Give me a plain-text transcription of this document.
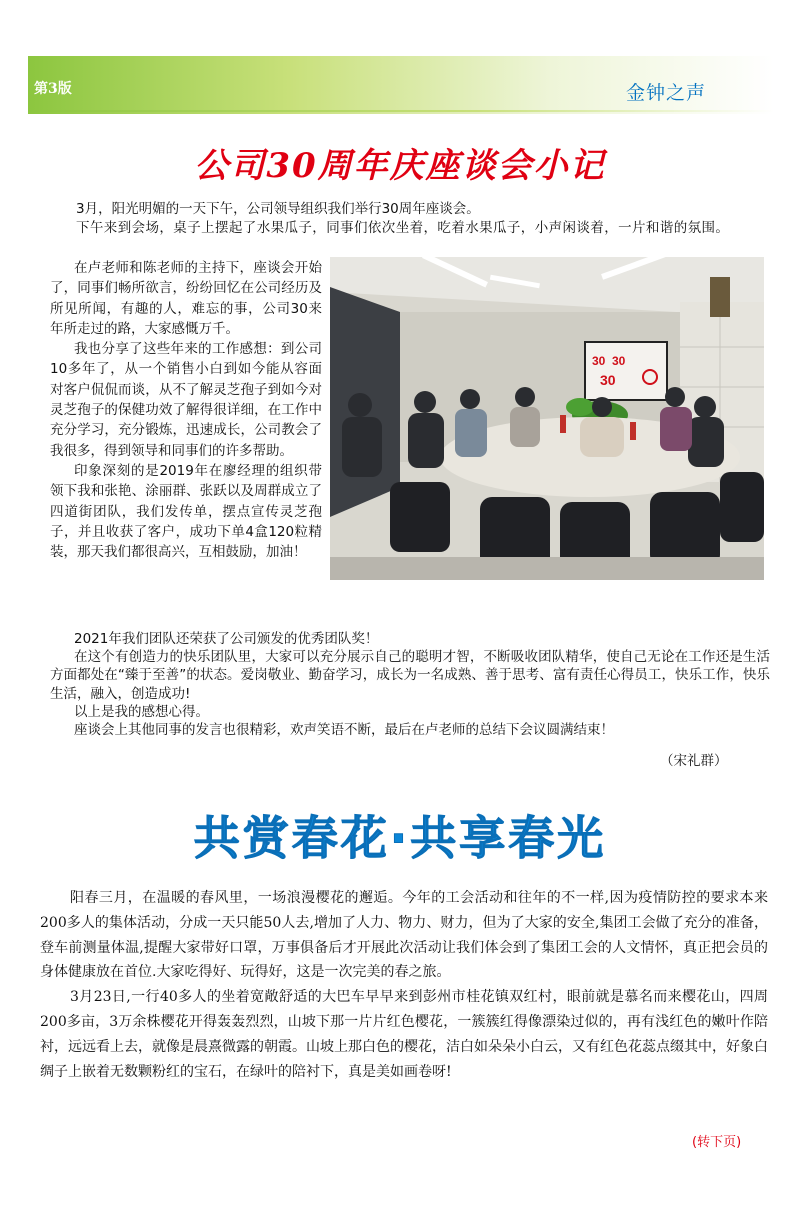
第3版	金钟之声
公司30周年庆座谈会小记

3月，阳光明媚的一天下午，公司领导组织我们举行30周年座谈会。

下午来到会场，桌子上摆起了水果瓜子，同事们依次坐着，吃着水果瓜子，小声闲谈着，一片和谐的氛围。

在卢老师和陈老师的主持下，座谈会开始了，同事们畅所欲言，纷纷回忆在公司经历及所见所闻，有趣的人，难忘的事，公司30来年所走过的路，大家感慨万千。

我也分享了这些年来的工作感想：到公司10多年了，从一个销售小白到如今能从容面对客户侃侃而谈，从不了解灵芝孢子到如今对灵芝孢子的保健功效了解得很详细，在工作中充分学习，充分锻炼，迅速成长，公司教会了我很多，得到领导和同事们的许多帮助。

印象深刻的是2019年在廖经理的组织带领下我和张艳、涂丽群、张跃以及周群成立了四道街团队，我们发传单，摆点宣传灵芝孢子，并且收获了客户，成功下单4盒120粒精装，那天我们都很高兴，互相鼓励，加油！

30 30
30

2021年我们团队还荣获了公司颁发的优秀团队奖！

在这个有创造力的快乐团队里，大家可以充分展示自己的聪明才智，不断吸收团队精华，使自己无论在工作还是生活方面都处在“臻于至善”的状态。爱岗敬业、勤奋学习，成长为一名成熟、善于思考、富有责任心得员工，快乐工作，快乐生活，融入，创造成功!

以上是我的感想心得。

座谈会上其他同事的发言也很精彩，欢声笑语不断，最后在卢老师的总结下会议圆满结束！

（宋礼群）
共赏春花·共享春光

阳春三月，在温暖的春风里，一场浪漫樱花的邂逅。今年的工会活动和往年的不一样,因为疫情防控的要求本来200多人的集体活动，分成一天只能50人去,增加了人力、物力、财力，但为了大家的安全,集团工会做了充分的准备，登车前测量体温,提醒大家带好口罩，万事俱备后才开展此次活动让我们体会到了集团工会的人文情怀，真正把会员的身体健康放在首位.大家吃得好、玩得好，这是一次完美的春之旅。

3月23日,一行40多人的坐着宽敞舒适的大巴车早早来到彭州市桂花镇双红村，眼前就是慕名而来樱花山，四周200多亩，3万余株樱花开得轰轰烈烈，山坡下那一片片红色樱花，一簇簇红得像漂染过似的，再有浅红色的嫩叶作陪衬，远远看上去，就像是晨熹微露的朝霞。山坡上那白色的樱花，洁白如朵朵小白云，又有红色花蕊点缀其中，好象白绸子上嵌着无数颗粉红的宝石，在绿叶的陪衬下，真是美如画卷呀!

(转下页)
